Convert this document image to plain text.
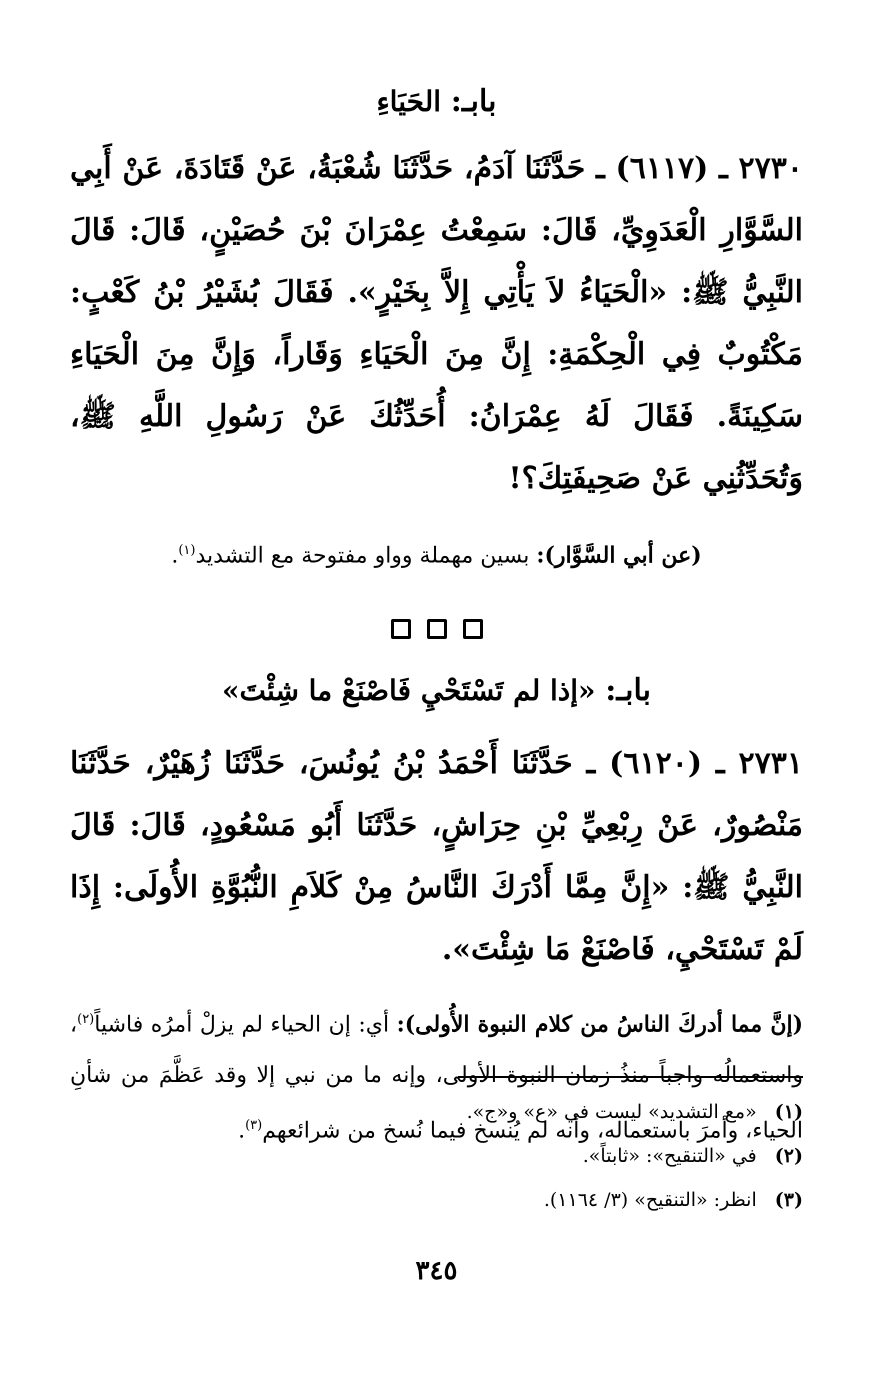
بابـ: الحَيَاءِ

٢٧٣٠ ـ (٦١١٧) ـ حَدَّثَنَا آدَمُ، حَدَّثَنَا شُعْبَةُ، عَنْ قَتَادَةَ، عَنْ أَبِي السَّوَّارِ الْعَدَوِيِّ، قَالَ: سَمِعْتُ عِمْرَانَ بْنَ حُصَيْنٍ، قَالَ: قَالَ النَّبِيُّ ﷺ: «الْحَيَاءُ لاَ يَأْتِي إِلاَّ بِخَيْرٍ». فَقَالَ بُشَيْرُ بْنُ كَعْبٍ: مَكْتُوبٌ فِي الْحِكْمَةِ: إِنَّ مِنَ الْحَيَاءِ وَقَاراً، وَإِنَّ مِنَ الْحَيَاءِ سَكِينَةً. فَقَالَ لَهُ عِمْرَانُ: أُحَدِّثُكَ عَنْ رَسُولِ اللَّهِ ﷺ، وَتُحَدِّثُنِي عَنْ صَحِيفَتِكَ؟!

(عن أبي السَّوَّار): بسين مهملة وواو مفتوحة مع التشديد$^{(١)}$.

بابـ: «إذا لم تَسْتَحْيِ فَاصْنَعْ ما شِئْتَ»

٢٧٣١ ـ (٦١٢٠) ـ حَدَّثَنَا أَحْمَدُ بْنُ يُونُسَ، حَدَّثَنَا زُهَيْرٌ، حَدَّثَنَا مَنْصُورٌ، عَنْ رِبْعِيِّ بْنِ حِرَاشٍ، حَدَّثَنَا أَبُو مَسْعُودٍ، قَالَ: قَالَ النَّبِيُّ ﷺ: «إِنَّ مِمَّا أَدْرَكَ النَّاسُ مِنْ كَلاَمِ النُّبُوَّةِ الأُولَى: إِذَا لَمْ تَسْتَحْيِ، فَاصْنَعْ مَا شِئْتَ».

(إنَّ مما أدركَ الناسُ من كلام النبوة الأُولى): أي: إن الحياء لم يزلْ أمرُه فاشياً$^{(٢)}$، واستعمالُه واجباً منذُ زمان النبوة الأولى، وإنه ما من نبي إلا وقد عَظَّمَ من شأنِ الحياء، وأمرَ باستعماله، وأنه لم يُنسخ فيما نُسخ من شرائعهم$^{(٣)}$.

(١) «مع التشديد» ليست في «ع» و«ج».
(٢) في «التنقيح»: «ثابتاً».
(٣) انظر: «التنقيح» (٣/ ١١٦٤).
٣٤٥
